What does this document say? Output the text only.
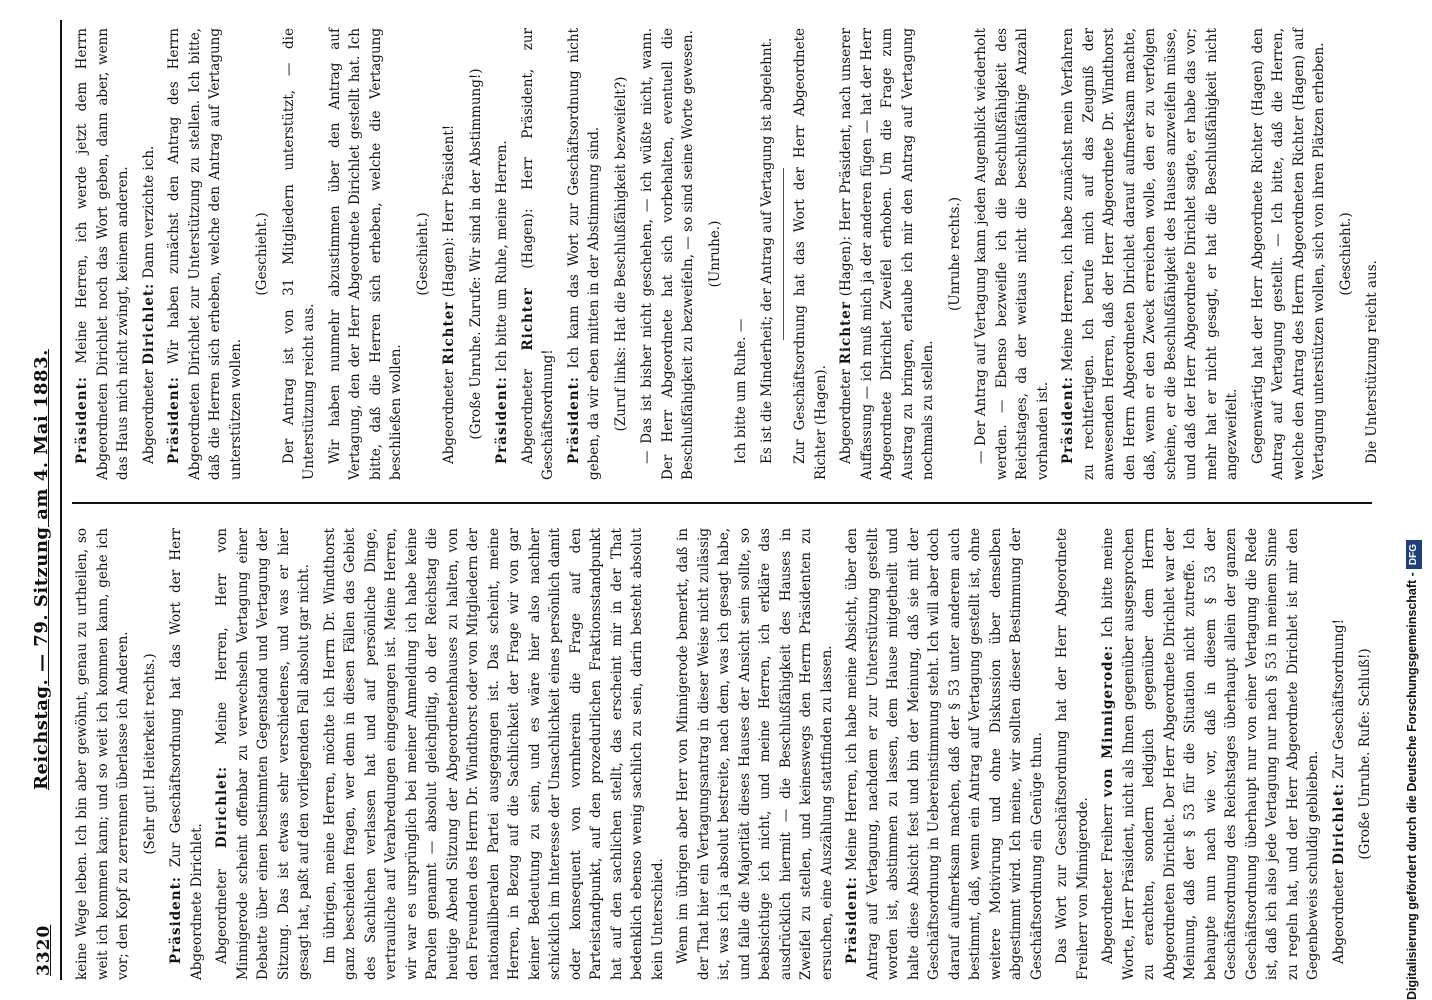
3320
Reichstag. — 79. Sitzung am 4. Mai 1883.

keine Wege leben. Ich bin aber gewöhnt, genau zu urtheilen, so weit ich kommen kann; und so weit ich kommen kann, gehe ich vor; den Kopf zu zerrennen überlasse ich Anderen. (Sehr gut! Heiterkeit rechts.)

Präsident: Zur Geschäftsordnung hat das Wort der Herr Abgeordnete Dirichlet. Abgeordneter Dirichlet: Meine Herren, Herr von Minnigerode scheint offenbar zu verwechseln Vertagung einer Debatte über einen bestimmten Gegenstand und Vertagung der Sitzung. Das ist etwas sehr verschiedenes, und was er hier gesagt hat, paßt auf den vorliegenden Fall absolut gar nicht. Im übrigen, meine Herren, möchte ich Herrn Dr. Windthorst ganz bescheiden fragen, wer denn in diesen Fällen das Gebiet des Sachlichen verlassen hat und auf persönliche Dinge, vertrauliche auf Verabredungen eingegangen ist. Meine Herren, wir war es ursprünglich bei meiner Anmeldung ich habe keine Parolen genannt — absolut gleichgiltig, ob der Reichstag die heutige Abend Sitzung der Abgeordnetenhauses zu halten, von den Freunden des Herrn Dr. Windthorst oder von Mitgliedern der nationalliberalen Partei ausgegangen ist. Das scheint, meine Herren, in Bezug auf die Sachlichkeit der Frage wir von gar keiner Bedeutung zu sein, und es wäre hier also nachher schicklich im Interesse der Unsachlichkeit eines persönlich damit oder konsequent von vornherein die Frage auf den Parteistandpunkt, auf den prozedurlichen Fraktionsstandpunkt hat auf den sachlichen stellt, das erscheint mir in der That bedenklich ebenso wenig sachlich zu sein, darin besteht absolut kein Unterschied. Wenn im übrigen aber Herr von Minnigerode bemerkt, daß in der That hier ein Vertagungsantrag in dieser Weise nicht zulässig ist, was ich ja absolut bestreite, nach dem, was ich gesagt habe, und falle die Majorität dieses Hauses der Ansicht sein sollte, so beabsichtige ich nicht, und meine Herren, ich erkläre das ausdrücklich hiermit — die Beschlußfähigkeit des Hauses in Zweifel zu stellen, und keineswegs den Herrn Präsidenten zu ersuchen, eine Auszählung stattfinden zu lassen. Präsident: Meine Herren, ich habe meine Absicht, über den Antrag auf Vertagung, nachdem er zur Unterstützung gestellt worden ist, abstimmen zu lassen, dem Hause mitgetheilt und halte diese Absicht fest und bin der Meinung, daß sie mit der Geschäftsordnung in Uebereinstimmung steht. Ich will aber doch darauf aufmerksam machen, daß der § 53 unter anderem auch bestimmt, daß, wenn ein Antrag auf Vertagung gestellt ist, ohne weitere Motivirung und ohne Diskussion über denselben abgestimmt wird. Ich meine, wir sollten dieser Bestimmung der Geschäftsordnung ein Genüge thun. Das Wort zur Geschäftsordnung hat der Herr Abgeordnete Freiherr von Minnigerode. Abgeordneter Freiherr von Minnigerode: Ich bitte meine Worte, Herr Präsident, nicht als Ihnen gegenüber ausgesprochen zu erachten, sondern lediglich gegenüber dem Herrn Abgeordneten Dirichlet. Der Herr Abgeordnete Dirichlet war der Meinung, daß der § 53 für die Situation nicht zutreffe. Ich behaupte nun nach wie vor, daß in diesem § 53 der Geschäftsordnung des Reichstages überhaupt allein der ganzen Geschäftsordnung überhaupt nur von einer Vertagung die Rede ist, daß ich also jede Vertagung nur nach § 53 in meinem Sinne zu regeln hat, und der Herr Abgeordnete Dirichlet ist mir den Gegenbeweis schuldig geblieben. Abgeordneter Dirichlet: Zur Geschäftsordnung! (Große Unruhe. Rufe: Schluß!)

Präsident: Meine Herren, ich werde jetzt dem Herrn Abgeordneten Dirichlet noch das Wort geben, dann aber, wenn das Haus mich nicht zwingt, keinem anderen. Abgeordneter Dirichlet: Dann verzichte ich.

Präsident: Wir haben zunächst den Antrag des Herrn Abgeordneten Dirichlet zur Unterstützung zu stellen. Ich bitte, daß die Herren sich erheben, welche den Antrag auf Vertagung unterstützen wollen.

(Geschieht.) Der Antrag ist von 31 Mitgliedern unterstützt, — die Unterstützung reicht aus. Wir haben nunmehr abzustimmen über den Antrag auf Vertagung, den der Herr Abgeordnete Dirichlet gestellt hat. Ich bitte, daß die Herren sich erheben, welche die Vertagung beschließen wollen.

(Geschieht.)

Abgeordneter Richter (Hagen): Herr Präsident! (Große Unruhe. Zurufe: Wir sind in der Abstimmung!) Präsident: Ich bitte um Ruhe, meine Herren.

Abgeordneter Richter (Hagen): Herr Präsident, zur Geschäftsordnung! Präsident: Ich kann das Wort zur Geschäftsordnung nicht geben, da wir eben mitten in der Abstimmung sind. (Zuruf links: Hat die Beschlußfähigkeit bezweifelt?) — Das ist bisher nicht geschehen, — ich wüßte nicht, wann. Der Herr Abgeordnete hat sich vorbehalten, eventuell die Beschlußfähigkeit zu bezweifeln, — so sind seine Worte gewesen. (Unruhe.)

Ich bitte um Ruhe. — Es ist die Minderheit; der Antrag auf Vertagung ist abgelehnt. Zur Geschäftsordnung hat das Wort der Herr Abgeordnete Richter (Hagen). Abgeordneter Richter (Hagen): Herr Präsident, nach unserer Auffassung — ich muß mich ja der anderen fügen — hat der Herr Abgeordnete Dirichlet Zweifel erhoben. Um die Frage zum Austrag zu bringen, erlaube ich mir den Antrag auf Vertagung nochmals zu stellen.

(Unruhe rechts.) — Der Antrag auf Vertagung kann jeden Augenblick wiederholt werden. — Ebenso bezweifle ich die Beschlußfähigkeit des Reichstages, da der weitaus nicht die beschlußfähige Anzahl vorhanden ist. Präsident: Meine Herren, ich habe zunächst mein Verfahren zu rechtfertigen. Ich berufe mich auf das Zeugniß der anwesenden Herren, daß der Herr Abgeordnete Dr. Windthorst den Herrn Abgeordneten Dirichlet darauf aufmerksam machte, daß, wenn er den Zweck erreichen wolle, den er zu verfolgen scheine, er die Beschlußfähigkeit des Hauses anzweifeln müsse, und daß der Herr Abgeordnete Dirichlet sagte, er habe das vor; mehr hat er nicht gesagt, er hat die Beschlußfähigkeit nicht angezweifelt. Gegenwärtig hat der Herr Abgeordnete Richter (Hagen) den Antrag auf Vertagung gestellt. — Ich bitte, daß die Herren, welche den Antrag des Herrn Abgeordneten Richter (Hagen) auf Vertagung unterstützen wollen, sich von ihren Plätzen erheben. (Geschieht.)

Die Unterstützung reicht aus.

Digitalisierung gefördert durch die Deutsche Forschungsgemeinschaft -DFG
